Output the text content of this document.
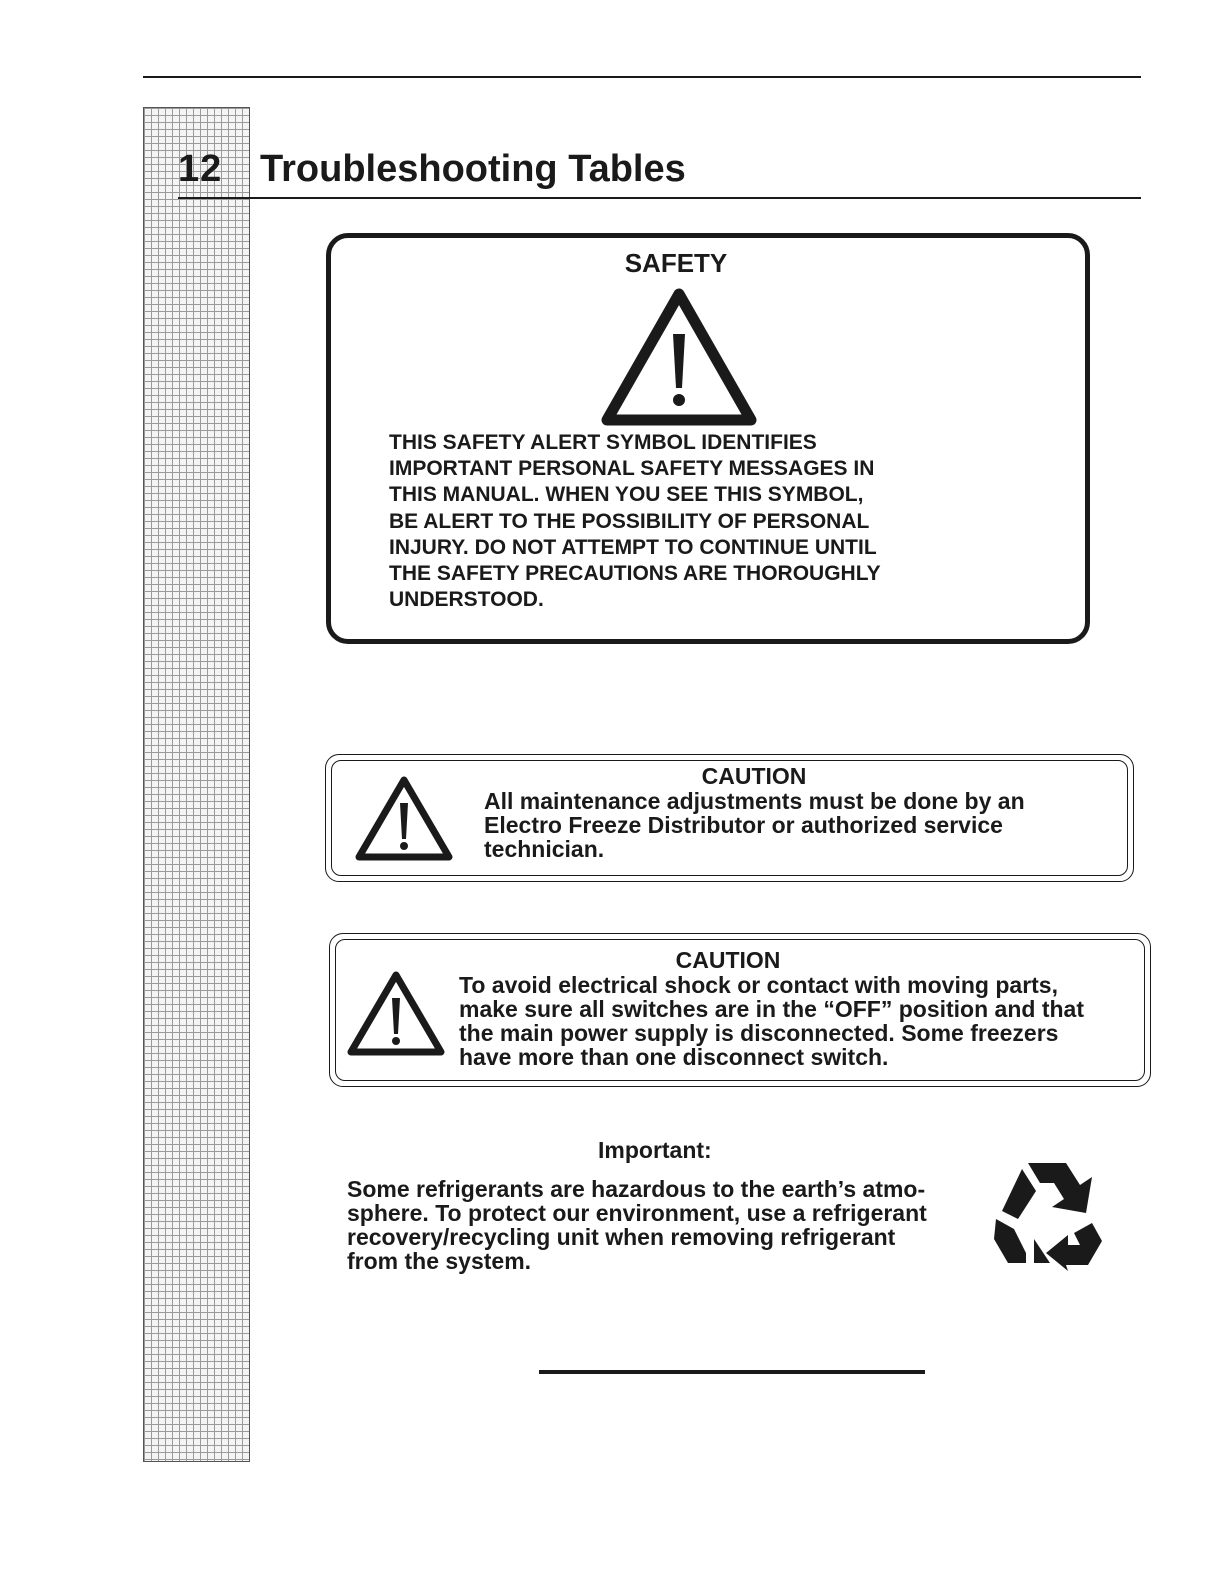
12 Troubleshooting Tables
SAFETY
THIS SAFETY ALERT SYMBOL IDENTIFIES
IMPORTANT PERSONAL SAFETY MESSAGES IN
THIS MANUAL. WHEN YOU SEE THIS SYMBOL,
BE ALERT TO THE POSSIBILITY OF PERSONAL
INJURY. DO NOT ATTEMPT TO CONTINUE UNTIL
THE SAFETY PRECAUTIONS ARE THOROUGHLY
UNDERSTOOD.
CAUTION
All maintenance adjustments must be done by an
Electro Freeze Distributor or authorized service
technician.
CAUTION
To avoid electrical shock or contact with moving parts,
make sure all switches are in the “OFF” position and that
the main power supply is disconnected. Some freezers
have more than one disconnect switch.
Important:
Some refrigerants are hazardous to the earth’s atmo-
sphere. To protect our environment, use a refrigerant
recovery/recycling unit when removing refrigerant
from the system.
